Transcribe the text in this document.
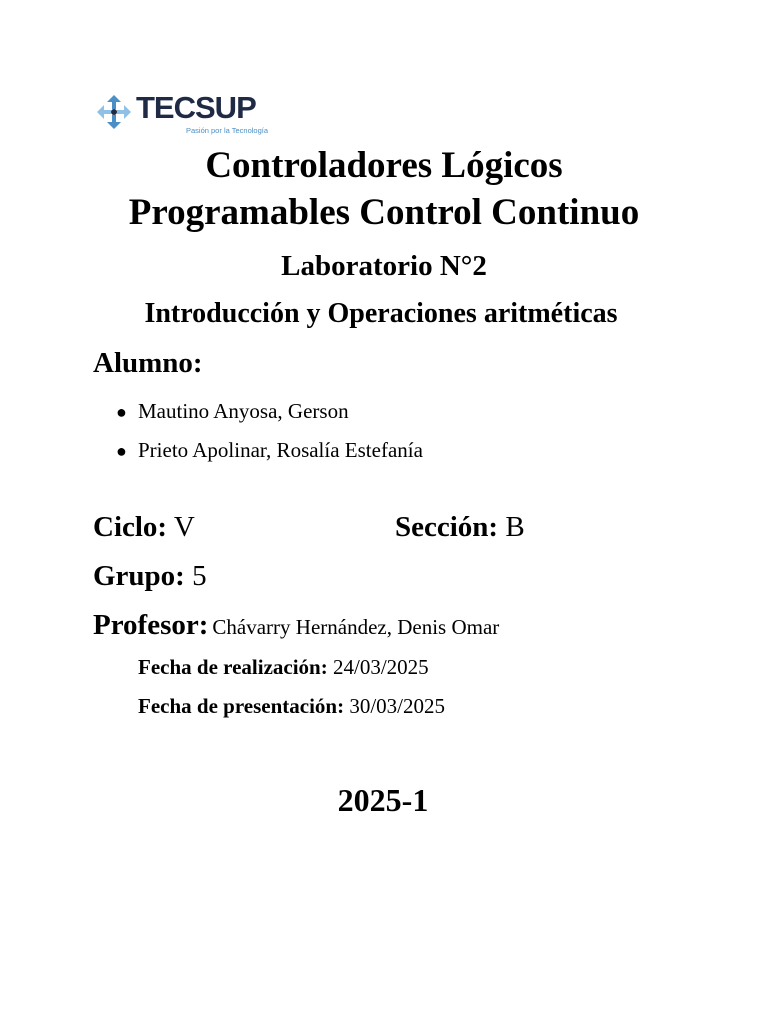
TECSUP
Pasión por la Tecnología
Controladores Lógicos
Programables Control Continuo
Laboratorio N°2
Introducción y Operaciones aritméticas
Alumno:
● Mautino Anyosa, Gerson
● Prieto Apolinar, Rosalía Estefanía
Ciclo: V	Sección: B
Grupo: 5
Profesor: Chávarry Hernández, Denis Omar
Fecha de realización: 24/03/2025
Fecha de presentación: 30/03/2025
2025-1
